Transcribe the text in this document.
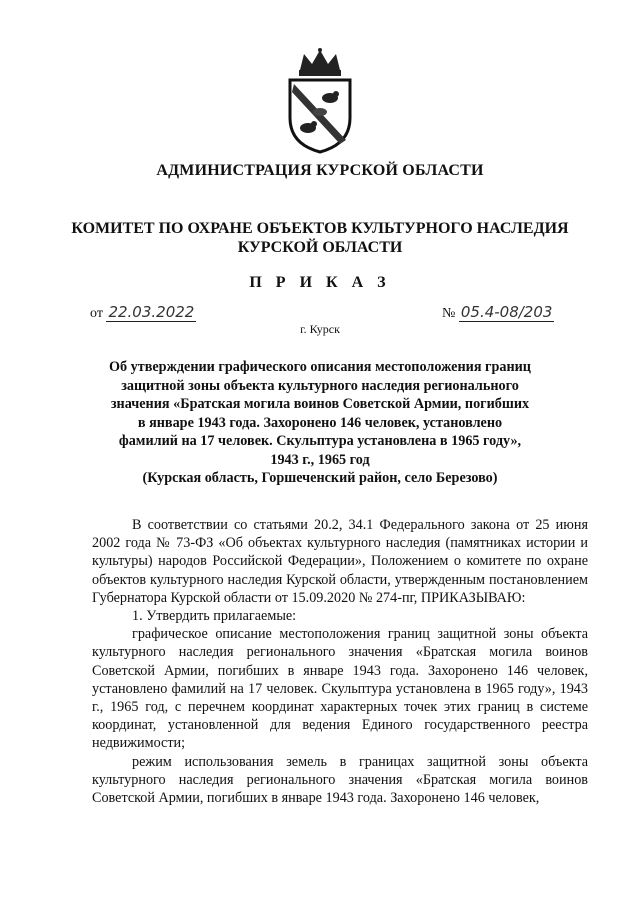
АДМИНИСТРАЦИЯ КУРСКОЙ ОБЛАСТИ
КОМИТЕТ ПО ОХРАНЕ ОБЪЕКТОВ КУЛЬТУРНОГО НАСЛЕДИЯ
КУРСКОЙ ОБЛАСТИ
П Р И К А З
от 22.03.2022	№ 05.4-08/203
г. Курск
Об утверждении графического описания местоположения границ
защитной зоны объекта культурного наследия регионального
значения «Братская могила воинов Советской Армии, погибших
в январе 1943 года. Захоронено 146 человек, установлено
фамилий на 17 человек. Скульптура установлена в 1965 году»,
1943 г., 1965 год
(Курская область, Горшеченский район, село Березово)

В соответствии со статьями 20.2, 34.1 Федерального закона от 25 июня 2002 года № 73-ФЗ «Об объектах культурного наследия (памятниках истории и культуры) народов Российской Федерации», Положением о комитете по охране объектов культурного наследия Курской области, утвержденным постановлением Губернатора Курской области от 15.09.2020 № 274-пг, ПРИКАЗЫВАЮ:

1. Утвердить прилагаемые:

графическое описание местоположения границ защитной зоны объекта культурного наследия регионального значения «Братская могила воинов Советской Армии, погибших в январе 1943 года. Захоронено 146 человек, установлено фамилий на 17 человек. Скульптура установлена в 1965 году», 1943 г., 1965 год, с перечнем координат характерных точек этих границ в системе координат, установленной для ведения Единого государственного реестра недвижимости;

режим использования земель в границах защитной зоны объекта культурного наследия регионального значения «Братская могила воинов Советской Армии, погибших в январе 1943 года. Захоронено 146 человек,
